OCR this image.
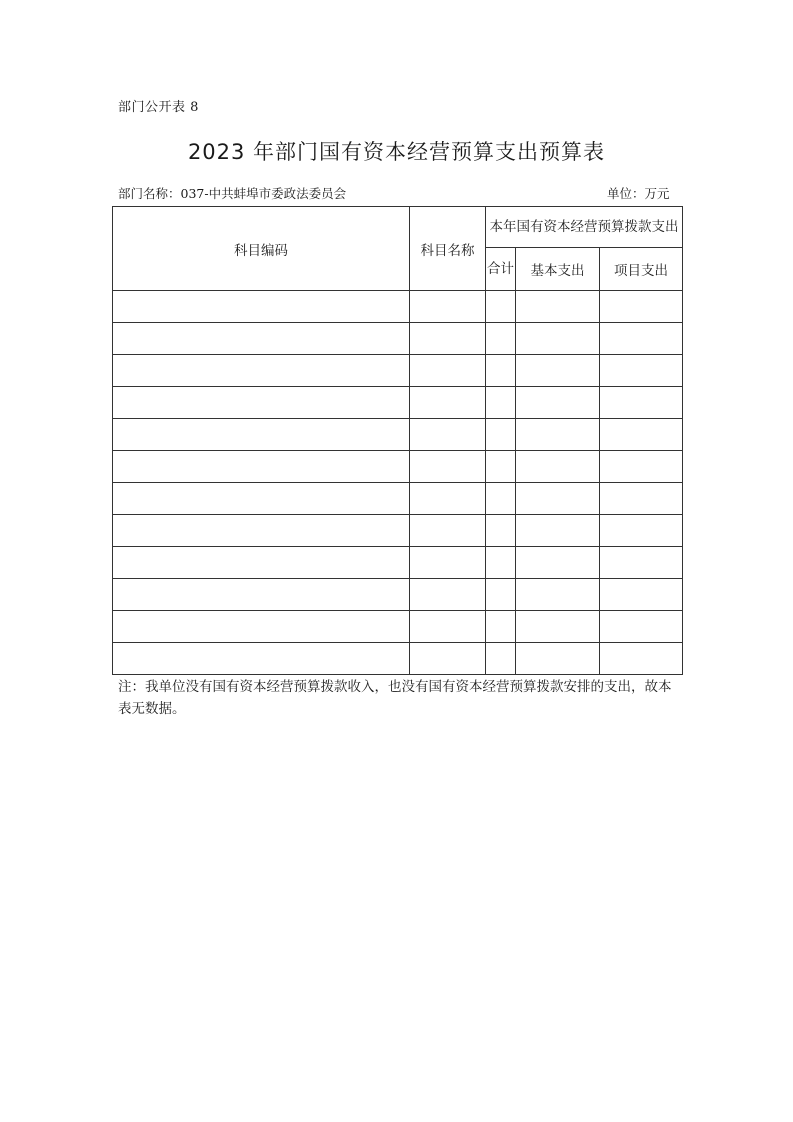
部门公开表 8
2023 年部门国有资本经营预算支出预算表
部门名称：037-中共蚌埠市委政法委员会	单位：万元
科目编码	科目名称	本年国有资本经营预算拨款支出		
		合计	基本支出	项目支出

注：我单位没有国有资本经营预算拨款收入，也没有国有资本经营预算拨款安排的支出，故本表无数据。
